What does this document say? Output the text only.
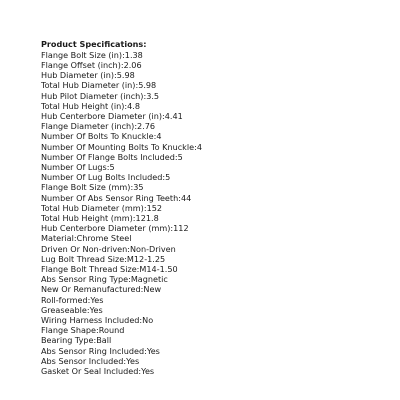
Product Specifications:
Flange Bolt Size (in):1.38
Flange Offset (inch):2.06
Hub Diameter (in):5.98
Total Hub Diameter (in):5.98
Hub Pilot Diameter (inch):3.5
Total Hub Height (in):4.8
Hub Centerbore Diameter (in):4.41
Flange Diameter (inch):2.76
Number Of Bolts To Knuckle:4
Number Of Mounting Bolts To Knuckle:4
Number Of Flange Bolts Included:5
Number Of Lugs:5
Number Of Lug Bolts Included:5
Flange Bolt Size (mm):35
Number Of Abs Sensor Ring Teeth:44
Total Hub Diameter (mm):152
Total Hub Height (mm):121.8
Hub Centerbore Diameter (mm):112
Material:Chrome Steel
Driven Or Non-driven:Non-Driven
Lug Bolt Thread Size:M12-1.25
Flange Bolt Thread Size:M14-1.50
Abs Sensor Ring Type:Magnetic
New Or Remanufactured:New
Roll-formed:Yes
Greaseable:Yes
Wiring Harness Included:No
Flange Shape:Round
Bearing Type:Ball
Abs Sensor Ring Included:Yes
Abs Sensor Included:Yes
Gasket Or Seal Included:Yes
